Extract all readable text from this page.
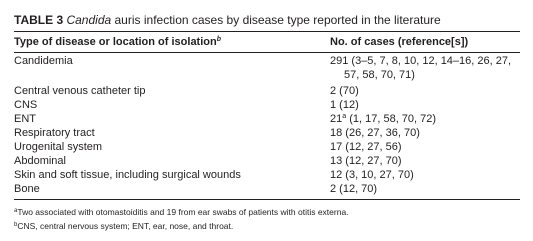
TABLE 3 Candida auris infection cases by disease type reported in the literature
Type of disease or location of isolation$^b$	No. of cases (reference[s])
Candidemia	291 (3–5, 7, 8, 10, 12, 14–16, 26, 27,
57, 58, 70, 71)
Central venous catheter tip	2 (70)
CNS	1 (12)
ENT	21$^a$ (1, 17, 58, 70, 72)
Respiratory tract	18 (26, 27, 36, 70)
Urogenital system	17 (12, 27, 56)
Abdominal	13 (12, 27, 70)
Skin and soft tissue, including surgical wounds	12 (3, 10, 27, 70)
Bone	2 (12, 70)
$^a$Two associated with otomastoiditis and 19 from ear swabs of patients with otitis externa.
$^b$CNS, central nervous system; ENT, ear, nose, and throat.
